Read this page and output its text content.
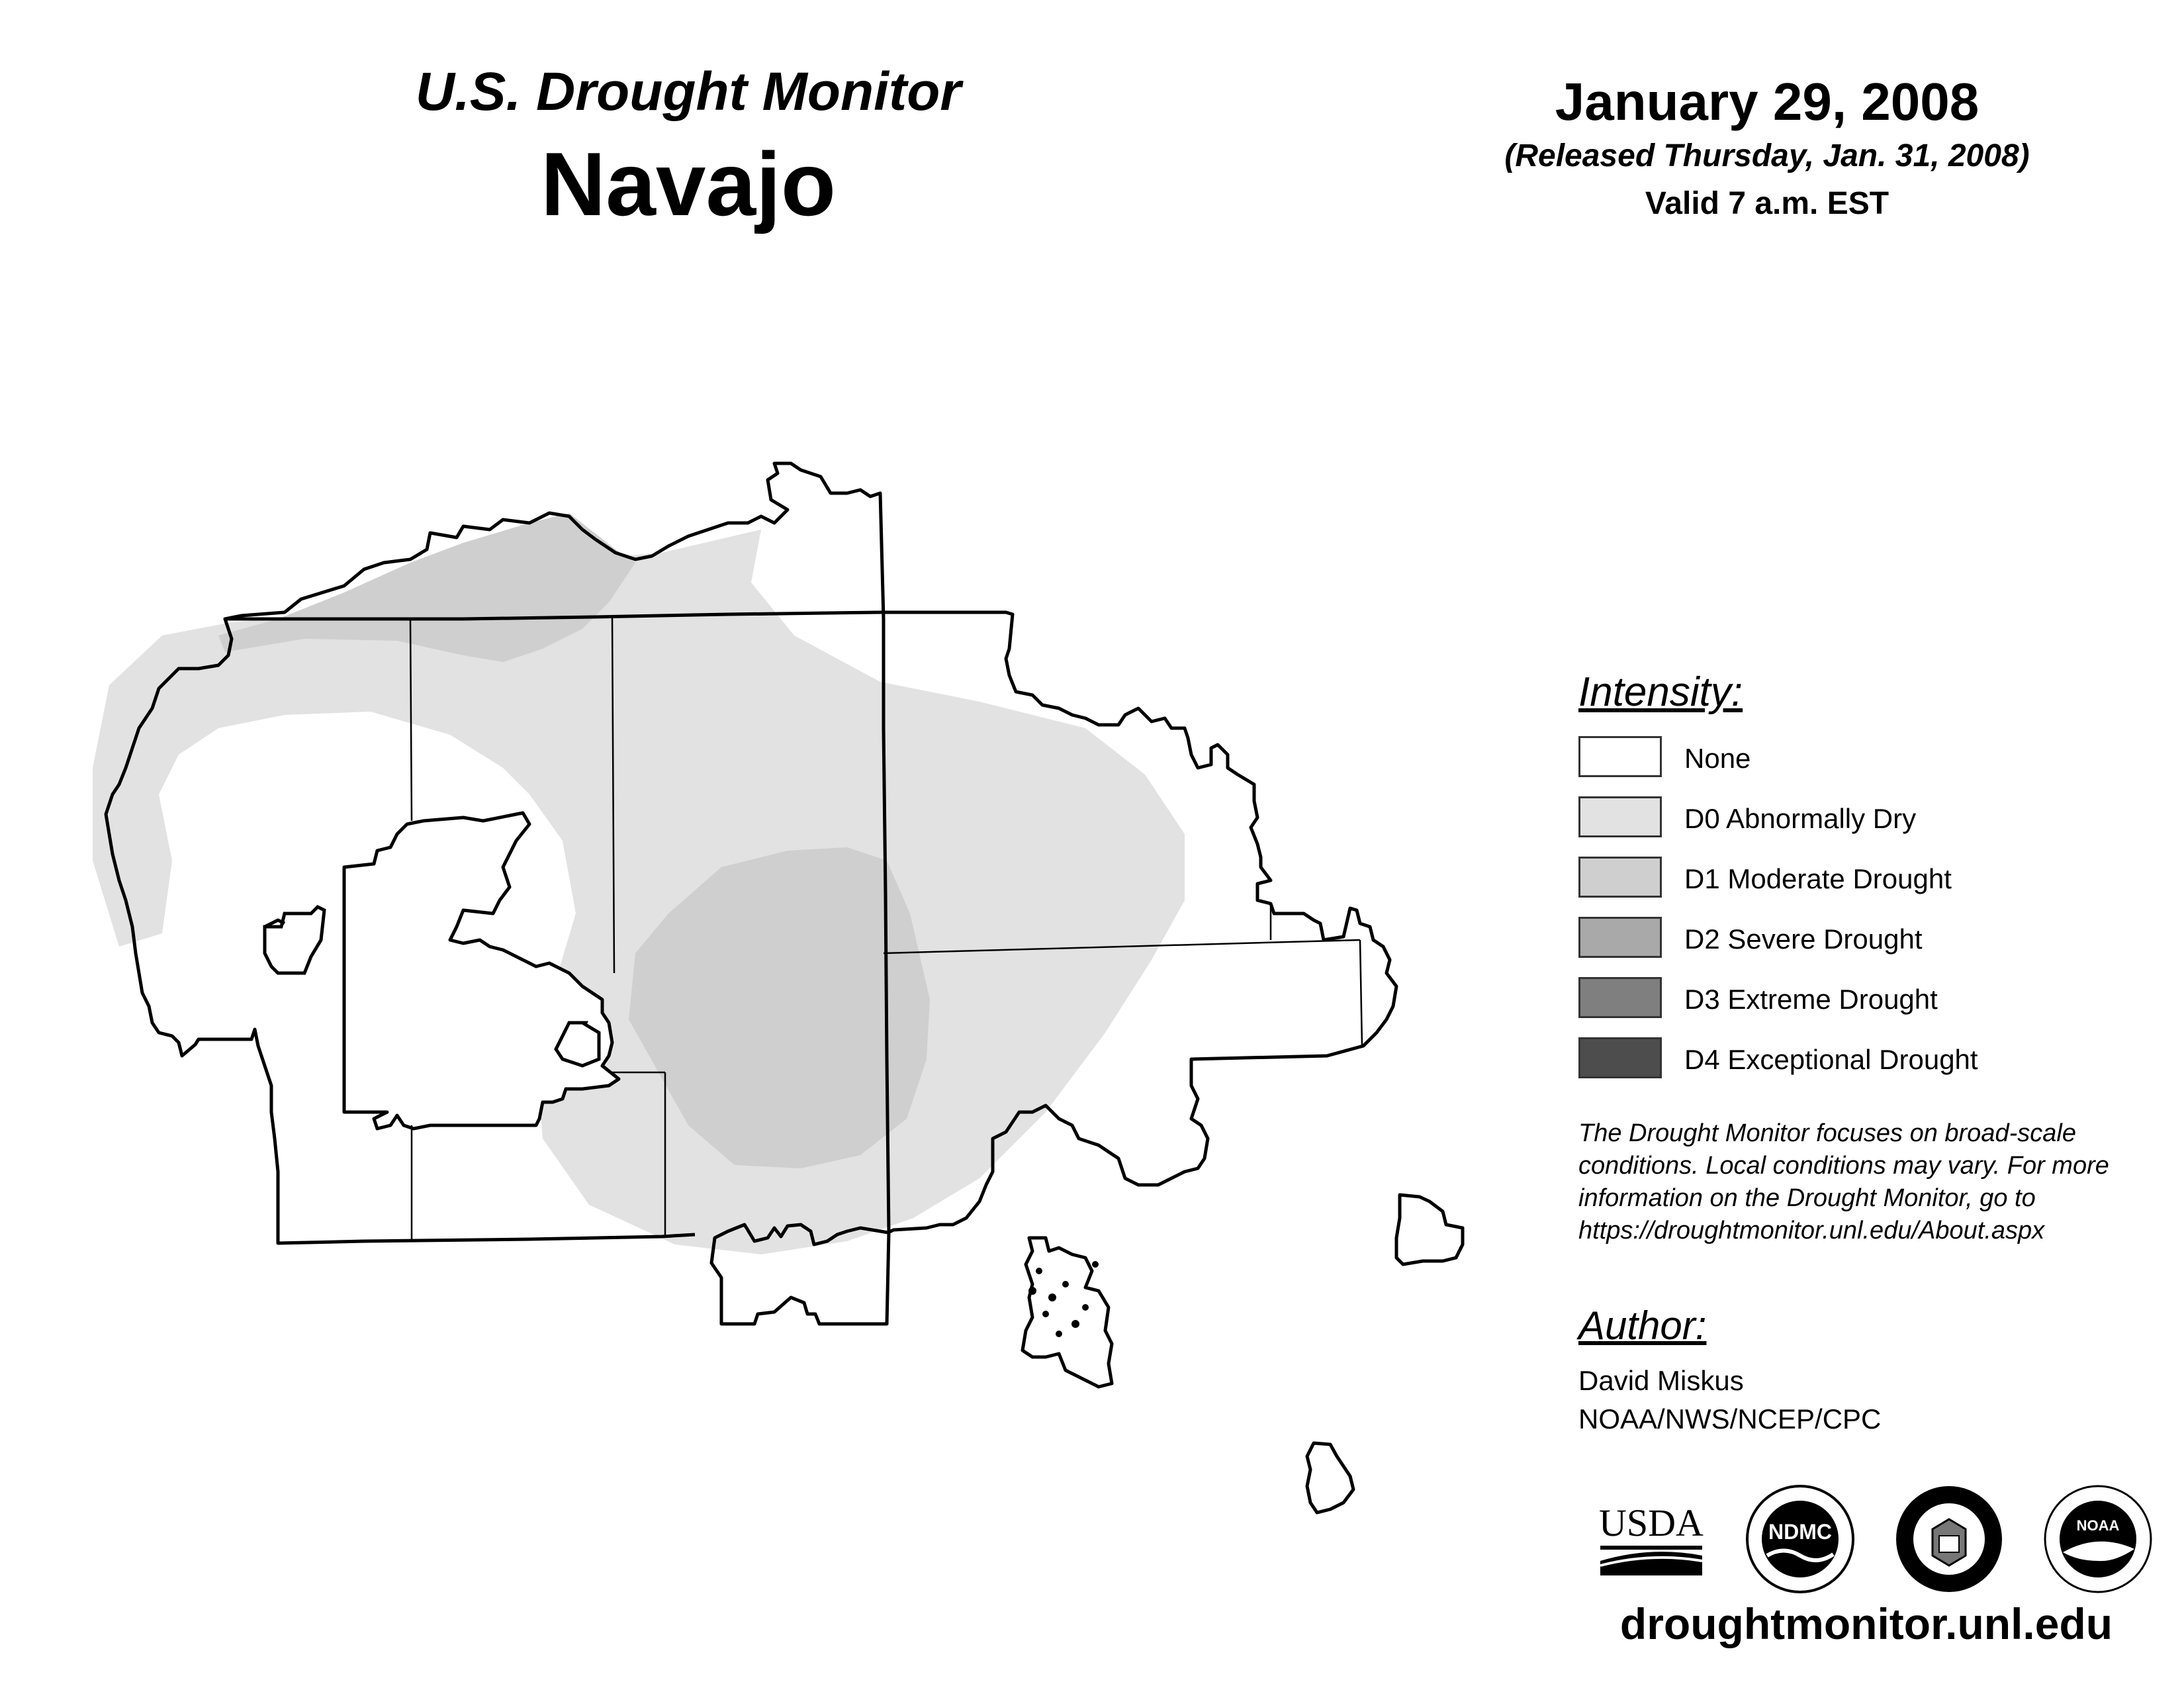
U.S. Drought Monitor
Navajo
January 29, 2008
(Released Thursday, Jan. 31, 2008)
Valid 7 a.m. EST
Intensity:
None
D0 Abnormally Dry
D1 Moderate Drought
D2 Severe Drought
D3 Extreme Drought
D4 Exceptional Drought
The Drought Monitor focuses on broad-scale conditions. Local conditions may vary. For more information on the Drought Monitor, go to https://droughtmonitor.unl.edu/About.aspx
Author:
David Miskus
NOAA/NWS/NCEP/CPC
USDA	NDMC	NOAA
droughtmonitor.unl.edu
